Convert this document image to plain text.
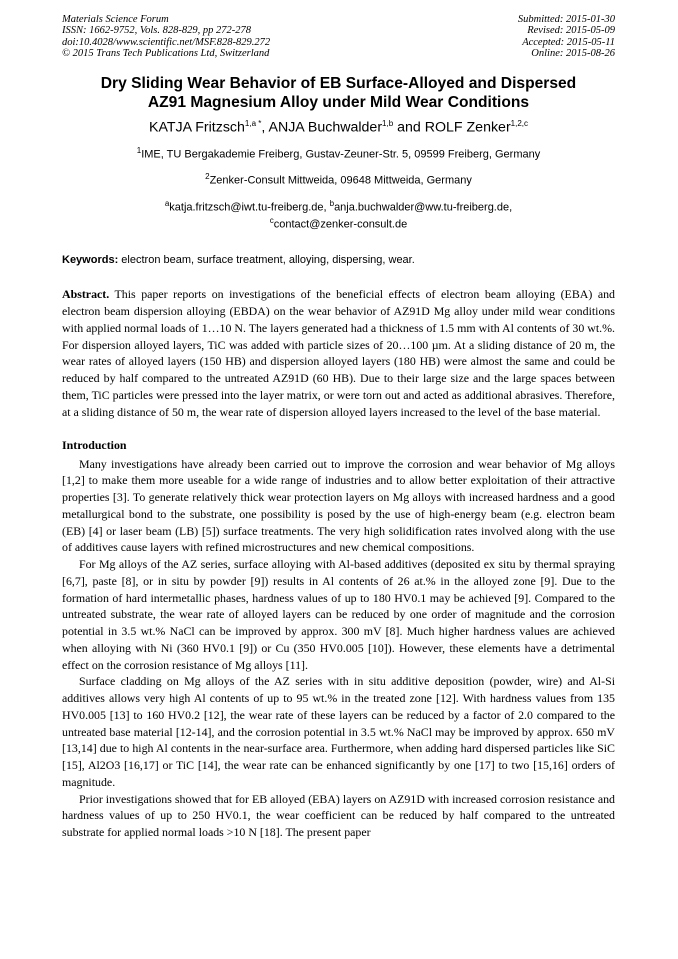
Materials Science Forum
ISSN: 1662-9752, Vols. 828-829, pp 272-278
doi:10.4028/www.scientific.net/MSF.828-829.272
© 2015 Trans Tech Publications Ltd, Switzerland
Submitted: 2015-01-30
Revised: 2015-05-09
Accepted: 2015-05-11
Online: 2015-08-26
Dry Sliding Wear Behavior of EB Surface-Alloyed and Dispersed
AZ91 Magnesium Alloy under Mild Wear Conditions
KATJA Fritzsch$^{1,a *}$, ANJA Buchwalder$^{1,b}$ and ROLF Zenker$^{1,2,c}$
$^1$IME, TU Bergakademie Freiberg, Gustav-Zeuner-Str. 5, 09599 Freiberg, Germany
$^2$Zenker-Consult Mittweida, 09648 Mittweida, Germany
$^a$katja.fritzsch@iwt.tu-freiberg.de, $^b$anja.buchwalder@ww.tu-freiberg.de,
$^c$contact@zenker-consult.de
Keywords: electron beam, surface treatment, alloying, dispersing, wear.
Abstract. This paper reports on investigations of the beneficial effects of electron beam alloying (EBA) and electron beam dispersion alloying (EBDA) on the wear behavior of AZ91D Mg alloy under mild wear conditions with applied normal loads of 1…10 N. The layers generated had a thickness of 1.5 mm with Al contents of 30 wt.%. For dispersion alloyed layers, TiC was added with particle sizes of 20…100 µm. At a sliding distance of 20 m, the wear rates of alloyed layers (150 HB) and dispersion alloyed layers (180 HB) were almost the same and could be reduced by half compared to the untreated AZ91D (60 HB). Due to their large size and the large spaces between them, TiC particles were pressed into the layer matrix, or were torn out and acted as additional abrasives. Therefore, at a sliding distance of 50 m, the wear rate of dispersion alloyed layers increased to the level of the base material.
Introduction

Many investigations have already been carried out to improve the corrosion and wear behavior of Mg alloys [1,2] to make them more useable for a wide range of industries and to allow better exploitation of their attractive properties [3]. To generate relatively thick wear protection layers on Mg alloys with increased hardness and a good metallurgical bond to the substrate, one possibility is posed by the use of high-energy beam (e.g. electron beam (EB) [4] or laser beam (LB) [5]) surface treatments. The very high solidification rates involved along with the use of additives cause layers with refined microstructures and new chemical compositions.

For Mg alloys of the AZ series, surface alloying with Al-based additives (deposited ex situ by thermal spraying [6,7], paste [8], or in situ by powder [9]) results in Al contents of 26 at.% in the alloyed zone [9]. Due to the formation of hard intermetallic phases, hardness values of up to 180 HV0.1 may be achieved [9]. Compared to the untreated substrate, the wear rate of alloyed layers can be reduced by one order of magnitude and the corrosion potential in 3.5 wt.% NaCl can be improved by approx. 300 mV [8]. Much higher hardness values are achieved when alloying with Ni (360 HV0.1 [9]) or Cu (350 HV0.005 [10]). However, these elements have a detrimental effect on the corrosion resistance of Mg alloys [11].

Surface cladding on Mg alloys of the AZ series with in situ additive deposition (powder, wire) and Al-Si additives allows very high Al contents of up to 95 wt.% in the treated zone [12]. With hardness values from 135 HV0.005 [13] to 160 HV0.2 [12], the wear rate of these layers can be reduced by a factor of 2.0 compared to the untreated base material [12-14], and the corrosion potential in 3.5 wt.% NaCl may be improved by approx. 650 mV [13,14] due to high Al contents in the near-surface area. Furthermore, when adding hard dispersed particles like SiC [15], Al2O3 [16,17] or TiC [14], the wear rate can be enhanced significantly by one [17] to two [15,16] orders of magnitude.

Prior investigations showed that for EB alloyed (EBA) layers on AZ91D with increased corrosion resistance and hardness values of up to 250 HV0.1, the wear coefficient can be reduced by half compared to the untreated substrate for applied normal loads >10 N [18]. The present paper
